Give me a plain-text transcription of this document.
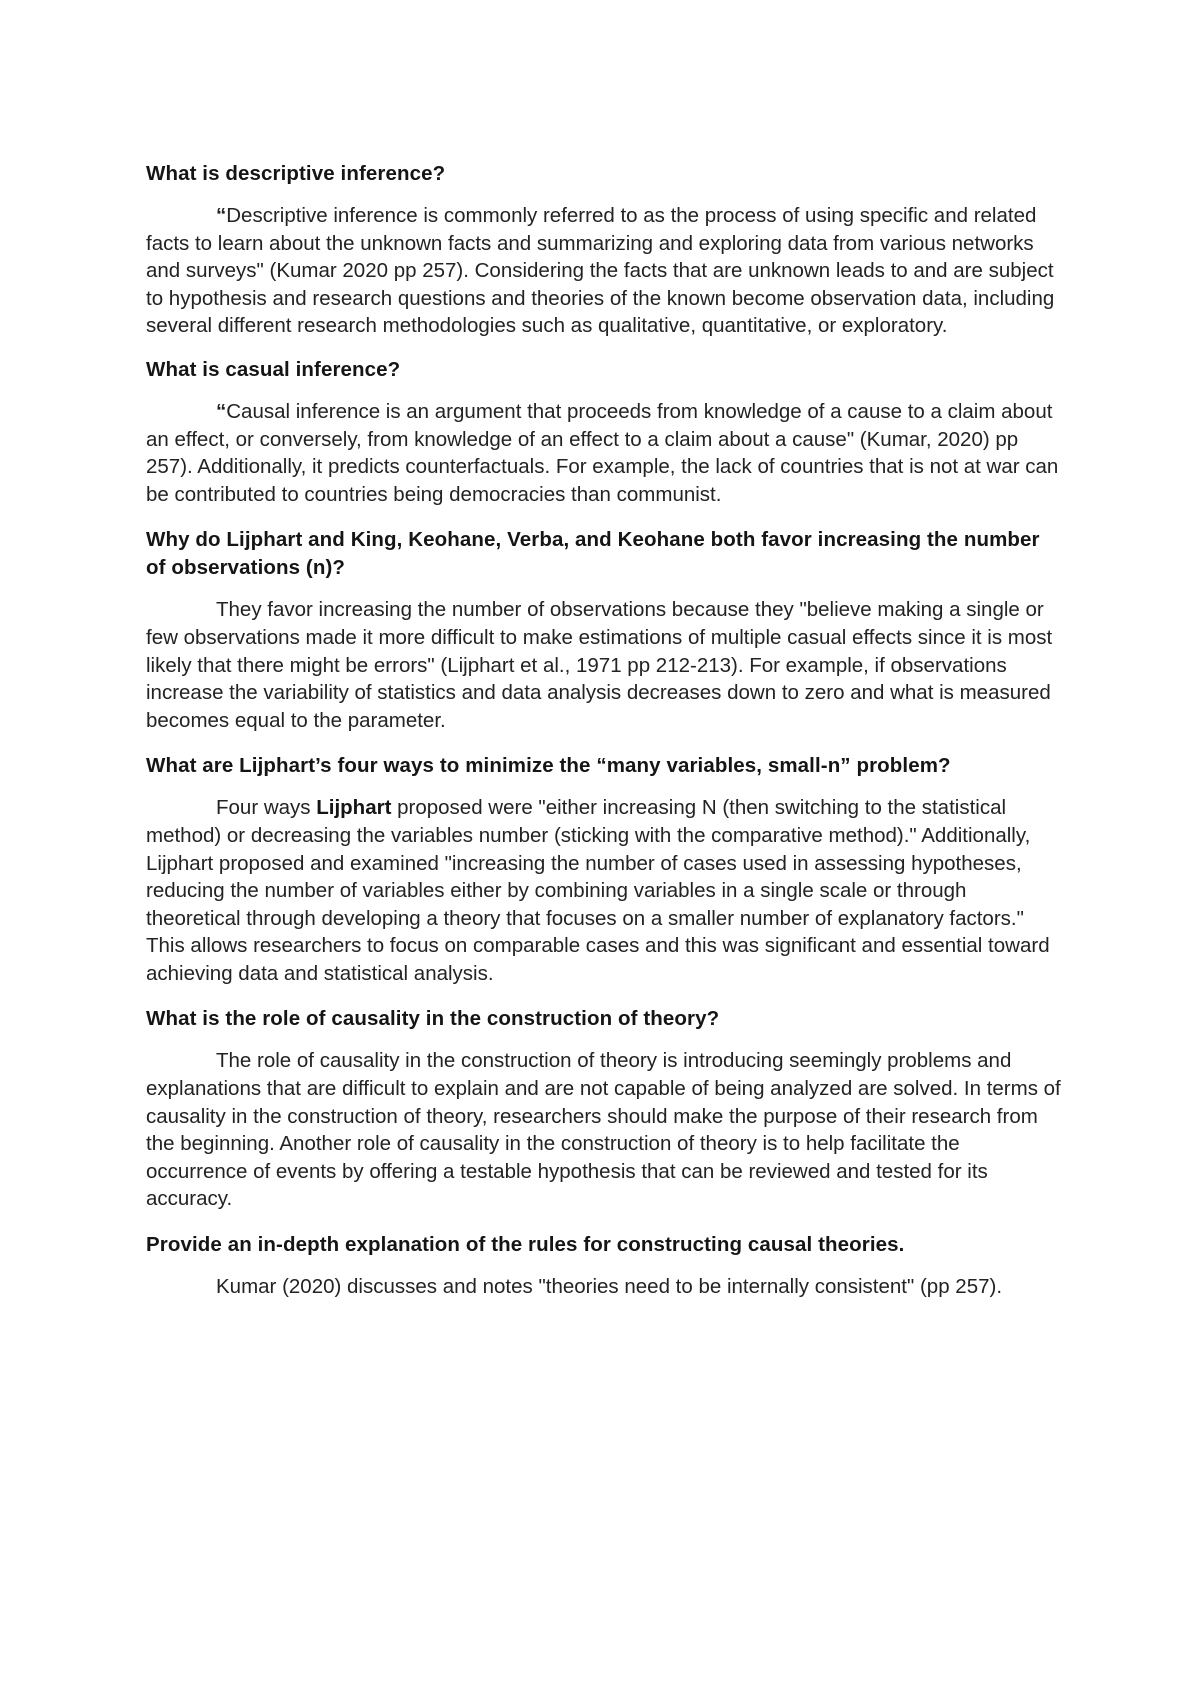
What is descriptive inference?

“Descriptive inference is commonly referred to as the process of using specific and related facts to learn about the unknown facts and summarizing and exploring data from various networks and surveys" (Kumar 2020 pp 257). Considering the facts that are unknown leads to and are subject to hypothesis and research questions and theories of the known become observation data, including several different research methodologies such as qualitative, quantitative, or exploratory.

What is casual inference?

“Causal inference is an argument that proceeds from knowledge of a cause to a claim about an effect, or conversely, from knowledge of an effect to a claim about a cause" (Kumar, 2020) pp 257). Additionally, it predicts counterfactuals. For example, the lack of countries that is not at war can be contributed to countries being democracies than communist.

Why do Lijphart and King, Keohane, Verba, and Keohane both favor increasing the number of observations (n)?

They favor increasing the number of observations because they "believe making a single or few observations made it more difficult to make estimations of multiple casual effects since it is most likely that there might be errors" (Lijphart et al., 1971 pp 212-213). For example, if observations increase the variability of statistics and data analysis decreases down to zero and what is measured becomes equal to the parameter.

What are Lijphart’s four ways to minimize the “many variables, small-n” problem?

Four ways Lijphart proposed were "either increasing N (then switching to the statistical method) or decreasing the variables number (sticking with the comparative method)." Additionally, Lijphart proposed and examined "increasing the number of cases used in assessing hypotheses, reducing the number of variables either by combining variables in a single scale or through theoretical through developing a theory that focuses on a smaller number of explanatory factors." This allows researchers to focus on comparable cases and this was significant and essential toward achieving data and statistical analysis.

What is the role of causality in the construction of theory?

The role of causality in the construction of theory is introducing seemingly problems and explanations that are difficult to explain and are not capable of being analyzed are solved. In terms of causality in the construction of theory, researchers should make the purpose of their research from the beginning. Another role of causality in the construction of theory is to help facilitate the occurrence of events by offering a testable hypothesis that can be reviewed and tested for its accuracy.

Provide an in-depth explanation of the rules for constructing causal theories.

Kumar (2020) discusses and notes "theories need to be internally consistent" (pp 257).
